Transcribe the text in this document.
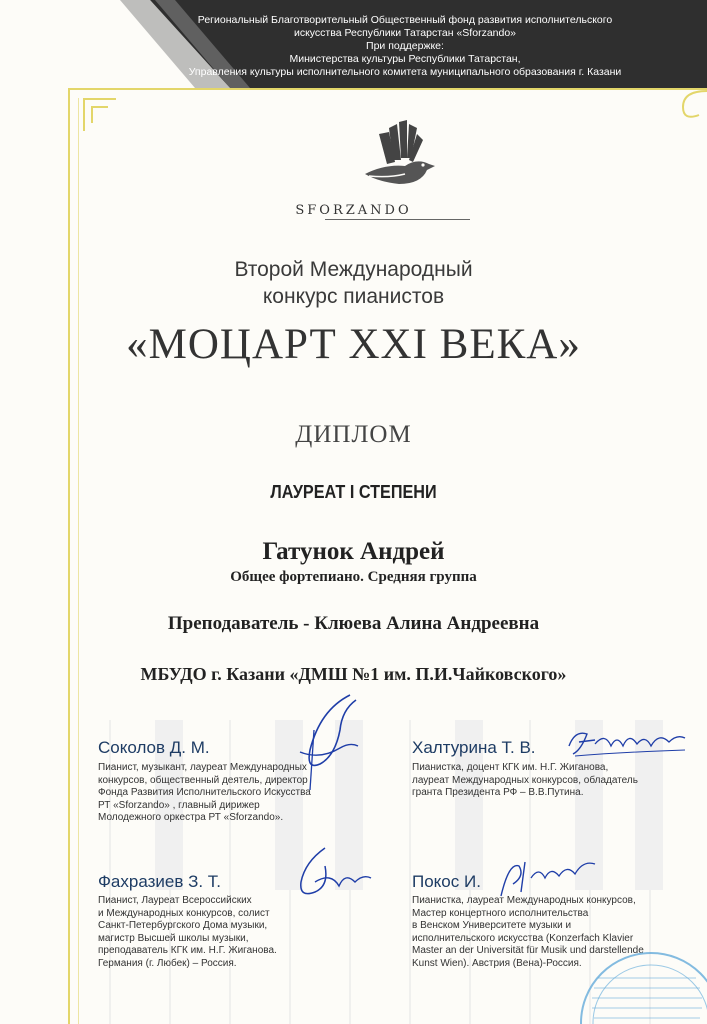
Региональный Благотворительный Общественный фонд развития исполнительского
искусства Республики Татарстан «Sforzando»
При поддержке:
Министерства культуры Республики Татарстан,
Управления культуры исполнительного комитета муниципального образования г. Казани
SFORZANDO
Второй Международный
конкурс пианистов
«МОЦАРТ XXI ВЕКА»
ДИПЛОМ
ЛАУРЕАТ I СТЕПЕНИ
Гатунок Андрей
Общее фортепиано. Средняя группа
Преподаватель - Клюева Алина Андреевна
МБУДО г. Казани «ДМШ №1 им. П.И.Чайковского»
Соколов Д. М.
Пианист, музыкант, лауреат Международных
конкурсов, общественный деятель, директор
Фонда Развития Исполнительского Искусства
РТ «Sforzando» , главный дирижер
Молодежного оркестра РТ «Sforzando».
Халтурина Т. В.
Пианистка, доцент КГК им. Н.Г. Жиганова,
лауреат Международных конкурсов, обладатель
гранта Президента РФ – В.В.Путина.
Фахразиев З. Т.
Пианист, Лауреат Всероссийских
и Международных конкурсов, солист
Санкт-Петербургского Дома музыки,
магистр Высшей школы музыки,
преподаватель КГК им. Н.Г. Жиганова.
Германия (г. Любек) – Россия.
Покос И.
Пианистка, лауреат Международных конкурсов,
Мастер концертного исполнительства
в Венском Университете музыки и
исполнительского искусства (Konzerfach Klavier
Master an der Universität für Musik und darstellende
Kunst Wien). Австрия (Вена)-Россия.
